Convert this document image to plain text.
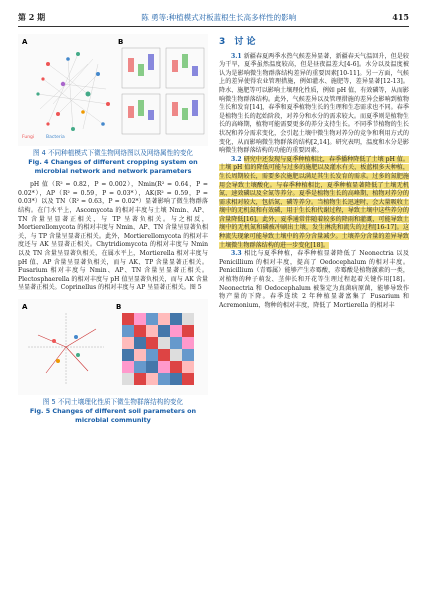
第 2 期	陈 勇等:种植模式对板蓝根生长高多样性的影响	415
A
Fungi	Bacteria
B
图 4 不同种植模式下微生物网络图以及网络属性的变化
Fig. 4 Changes of different cropping system on microbial network and network parameters

pH 值（R² = 0.82，P = 0.002），Nmin(R² = 0.64，P = 0.02*），AP（R² = 0.59，P = 0.03*），AK(R² = 0.59，P = 0.03*）以及 TN（R² = 0.63，P = 0.02*）显著影响了微生物群落结构。在门水平上，Ascomycota 的相对丰度与土壤 Nmin、AP、TN 含量呈显著正相关，与 TP 呈著负相关。与之相反，Mortierellomycota 的相对丰度与 Nmin、AP、TN 含量呈显著负相关，与 TP 含量呈显著正相关。此外，Mortierellomycota 的相对丰度还与 AK 呈显著正相关。Chytridiomycota 的相对丰度与 Nmin 以及 TN 含量呈显著负相关，在属水平上，Mortierella 相对丰度与 pH 值、AP 含量呈显著负相关，而与 AK、TP 含量显著正相关。Fusarium 相对丰度与 Nmin、AP、TN 含量呈显著正相关。Plectosphaerella 的相对丰度与 pH 值呈显著负相关，而与 AK 含量呈显著正相关。Coprinellus 的相对丰度与 AP 呈显著正相关。图 5

A	B
图 5 不同土壤理化性质下微生物群落结构的变化
Fig. 5 Changes of different soil parameters on microbial community
3 讨 论

3.1 新疆春夏两季水热气候差异显著，新疆春天气温回升，但是较为干旱，夏季虽然温度较高，但是昼夜温差大[4-6]。水分以及温度被认为是影响微生物群落结构差异的重要因素[10-11]。另一方面，气候上的差异使得农业管理措施，例如灌水、施肥等，差异显著[12-13]。降水、施肥等可以影响土壤理化性质，例如 pH 值，有效磷等，从而影响微生物群落结构。此外，气候差异以及管理措施的差异会影响到植物生长和发育[14]，春季和夏季植物生长的生理和生态需求也不同。春季是植物生长的起始阶段，对养分和水分的需求较大。而夏季则是植物生长的高峰期，植物可能需要更多的养分支持生长。不同季节植物的生长状况和养分需求变化，会引起土壤中微生物对养分的竞争和利用方式的变化，从而影响微生物群落的结构[2,14]。研究表明，温度和水分是影响微生物群落结构的功能的重要因素。

3.2 研究中还发现与夏季种植相比，春季播种降低了土壤 pH 值。土壤 pH 值的降低可能与过多的施肥以及灌水有关，板蓝根多天种植，生长周期较长，需要多次施肥以满足其生长发育的需求。过多的氮肥施用会导致土壤酸化。与春季种植相比，夏季种植显著降低了土壤无机氮、速效磷以及全氮等养分。夏季是植物生长的高峰期，植物对养分的需求相对较大，包括氮、磷等养分。当植物生长迅速时，会大量吸收土壤中的无机氮和有效磷，用于生长和代谢过程，导致土壤中这些养分的含量降低[16]。此外，夏季通常伴随着较多的降雨和灌溉，可能导致土壤中的无机氮和磷被冲刷出土壤，发生淋洗和流失的过程[16-17]。这种流失现象可能导致土壤中的养分含量减少。土壤养分含量的差异导致土壤微生物群落结构的进一步变化[18]。

3.3 相比与夏季种植，春季种植显著降低了 Neonectria 以及 Penicillium 的相对丰度，提高了 Oedocephalum 的相对丰度。Penicillium（青霉属）能够产生赤霉酸，赤霉酸是植物激素的一类，对植物的种子萌发、茎伸长和开花等生理过程起着关键作用[18]。Neonectria 和 Oedocephalum 被鉴定为真菌病原菌，能够导致作物产量的下降。春季连续 2 年种植显著富集了 Fusarium 和 Acremonium，物种的相对丰度，降低了 Mortierella 的相对丰
